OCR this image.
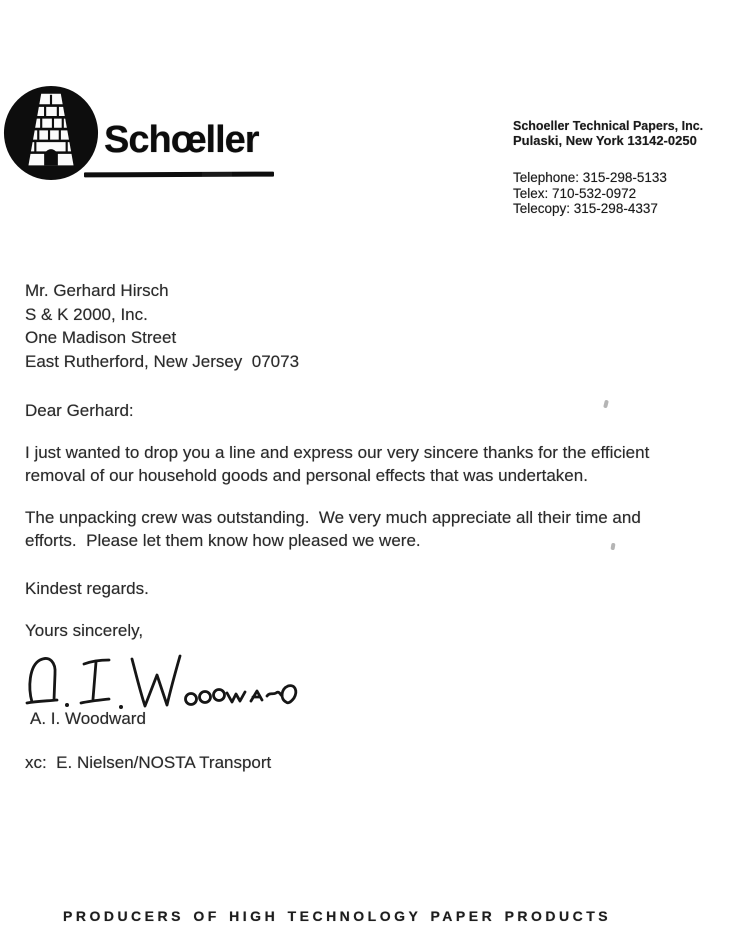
Schœller	Schoeller Technical Papers, Inc.
Pulaski, New York 13142-0250
Telephone: 315-298-5133
Telex: 710-532-0972
Telecopy: 315-298-4337
Mr. Gerhard Hirsch
S & K 2000, Inc.
One Madison Street
East Rutherford, New Jersey  07073
Dear Gerhard:
I just wanted to drop you a line and express our very sincere thanks for the efficient
removal of our household goods and personal effects that was undertaken.
The unpacking crew was outstanding.  We very much appreciate all their time and
efforts.  Please let them know how pleased we were.
Kindest regards.
Yours sincerely,
A. I. Woodward
xc:  E. Nielsen/NOSTA Transport
PRODUCERS OF HIGH TECHNOLOGY PAPER PRODUCTS
